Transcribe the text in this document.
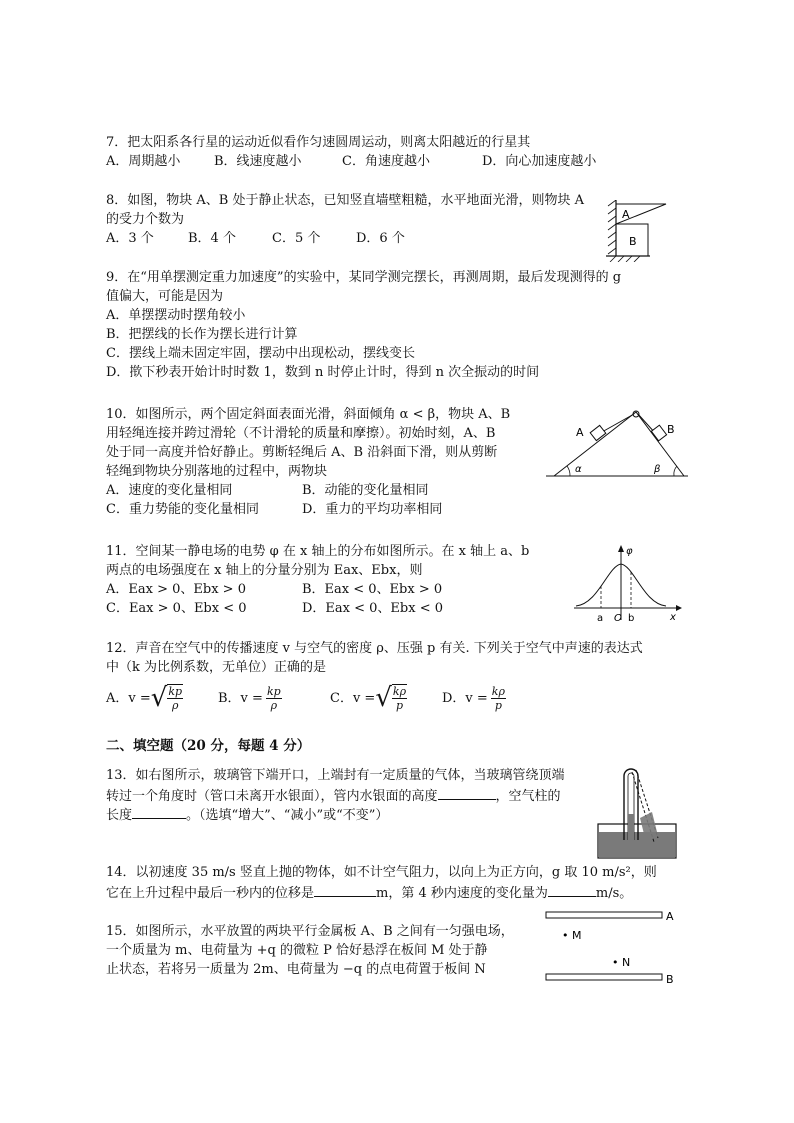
7．把太阳系各行星的运动近似看作匀速圆周运动，则离太阳越近的行星其
A．周期越小	B．线速度越小	C．角速度越小	D．向心加速度越小
8．如图，物块 A、B 处于静止状态，已知竖直墙壁粗糙，水平地面光滑，则物块 A
的受力个数为
A．3 个	B．4 个	C．5 个	D．6 个
A
B
9．在“用单摆测定重力加速度”的实验中，某同学测完摆长，再测周期，最后发现测得的 g
值偏大，可能是因为
A．单摆摆动时摆角较小
B．把摆线的长作为摆长进行计算
C．摆线上端未固定牢固，摆动中出现松动，摆线变长
D．揿下秒表开始计时时数 1，数到 n 时停止计时，得到 n 次全振动的时间
10．如图所示，两个固定斜面表面光滑，斜面倾角 α < β，物块 A、B
用轻绳连接并跨过滑轮（不计滑轮的质量和摩擦）。初始时刻，A、B
处于同一高度并恰好静止。剪断轻绳后 A、B 沿斜面下滑，则从剪断
轻绳到物块分别落地的过程中，两物块
A．速度的变化量相同	B．动能的变化量相同
C．重力势能的变化量相同	D．重力的平均功率相同
A	B
α	β
11．空间某一静电场的电势 φ 在 x 轴上的分布如图所示。在 x 轴上 a、b
两点的电场强度在 x 轴上的分量分别为 Eax、Ebx，则
A．Eax > 0、Ebx > 0	B．Eax < 0、Ebx > 0
C．Eax > 0、Ebx < 0	D．Eax < 0、Ebx < 0
φ
x
a O b
12．声音在空气中的传播速度 v 与空气的密度 ρ、压强 p 有关. 下列关于空气中声速的表达式
中（k 为比例系数，无单位）正确的是
A．v = √ $\frac{kp}{\rho}$	B．$v = \frac{kp}{\rho}$	C．v = √ $\frac{k\rho}{p}$	D．$v = \frac{k\rho}{p}$
二、填空题（20 分，每题 4 分）
13．如右图所示，玻璃管下端开口，上端封有一定质量的气体，当玻璃管绕顶端
转过一个角度时（管口未离开水银面），管内水银面的高度	，空气柱的
长度	。（选填“增大”、“减小”或“不变”）
14．以初速度 35 m/s 竖直上抛的物体，如不计空气阻力，以向上为正方向，g 取 10 m/s²，则
它在上升过程中最后一秒内的位移是	m，第 4 秒内速度的变化量为	m/s。
15．如图所示，水平放置的两块平行金属板 A、B 之间有一匀强电场，
一个质量为 m、电荷量为 +q 的微粒 P 恰好悬浮在板间 M 处于静
止状态，若将另一质量为 2m、电荷量为 −q 的点电荷置于板间 N
A
B
• M
• N
